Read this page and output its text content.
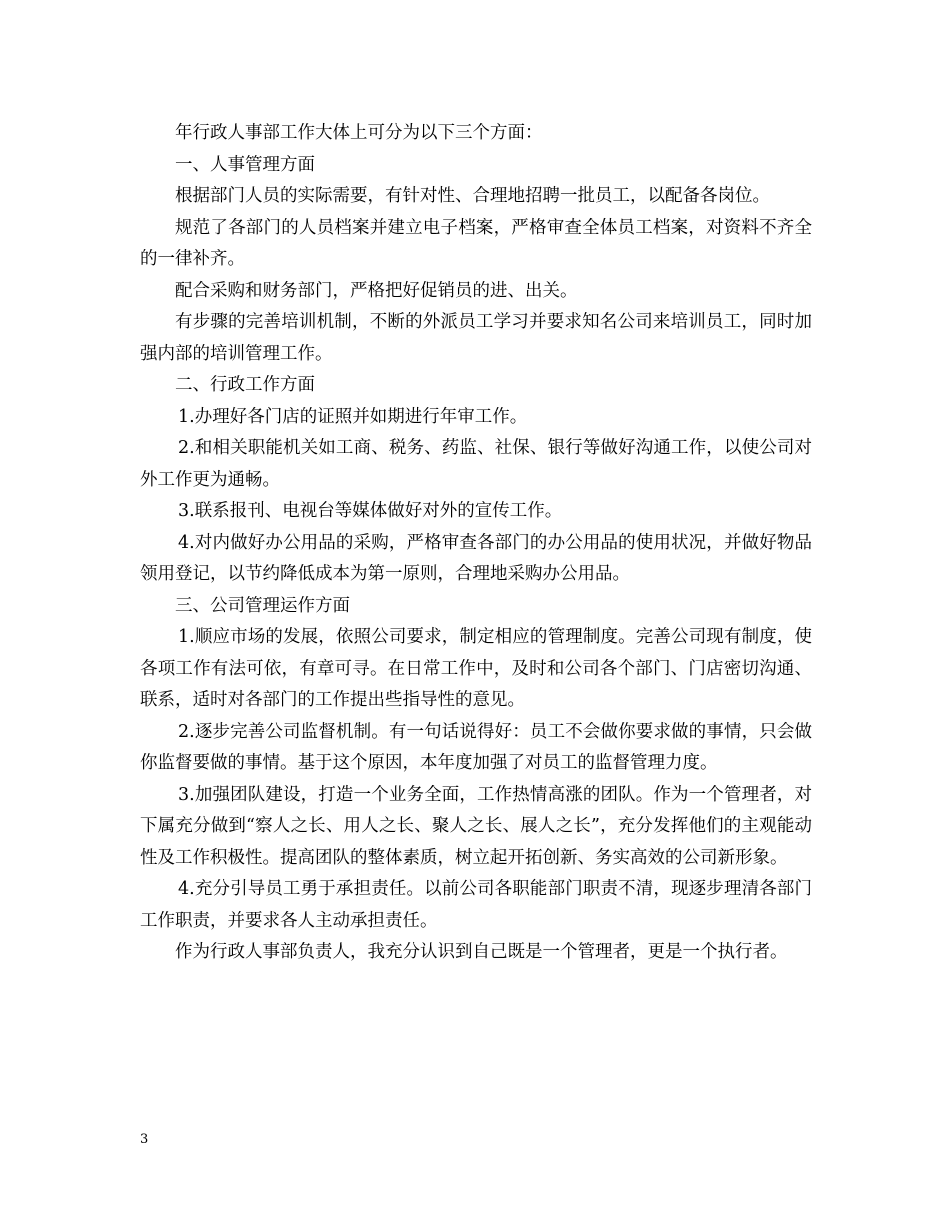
年行政人事部工作大体上可分为以下三个方面：

一、人事管理方面

根据部门人员的实际需要，有针对性、合理地招聘一批员工，以配备各岗位。

规范了各部门的人员档案并建立电子档案，严格审查全体员工档案，对资料不齐全的一律补齐。

配合采购和财务部门，严格把好促销员的进、出关。

有步骤的完善培训机制，不断的外派员工学习并要求知名公司来培训员工，同时加强内部的培训管理工作。

二、行政工作方面

1.办理好各门店的证照并如期进行年审工作。

2.和相关职能机关如工商、税务、药监、社保、银行等做好沟通工作，以使公司对外工作更为通畅。

3.联系报刊、电视台等媒体做好对外的宣传工作。

4.对内做好办公用品的采购，严格审查各部门的办公用品的使用状况，并做好物品领用登记，以节约降低成本为第一原则，合理地采购办公用品。

三、公司管理运作方面

1.顺应市场的发展，依照公司要求，制定相应的管理制度。完善公司现有制度，使各项工作有法可依，有章可寻。在日常工作中，及时和公司各个部门、门店密切沟通、联系，适时对各部门的工作提出些指导性的意见。

2.逐步完善公司监督机制。有一句话说得好：员工不会做你要求做的事情，只会做你监督要做的事情。基于这个原因，本年度加强了对员工的监督管理力度。

3.加强团队建设，打造一个业务全面，工作热情高涨的团队。作为一个管理者，对下属充分做到“察人之长、用人之长、聚人之长、展人之长”，充分发挥他们的主观能动性及工作积极性。提高团队的整体素质，树立起开拓创新、务实高效的公司新形象。

4.充分引导员工勇于承担责任。以前公司各职能部门职责不清，现逐步理清各部门工作职责，并要求各人主动承担责任。

作为行政人事部负责人，我充分认识到自己既是一个管理者，更是一个执行者。

3
